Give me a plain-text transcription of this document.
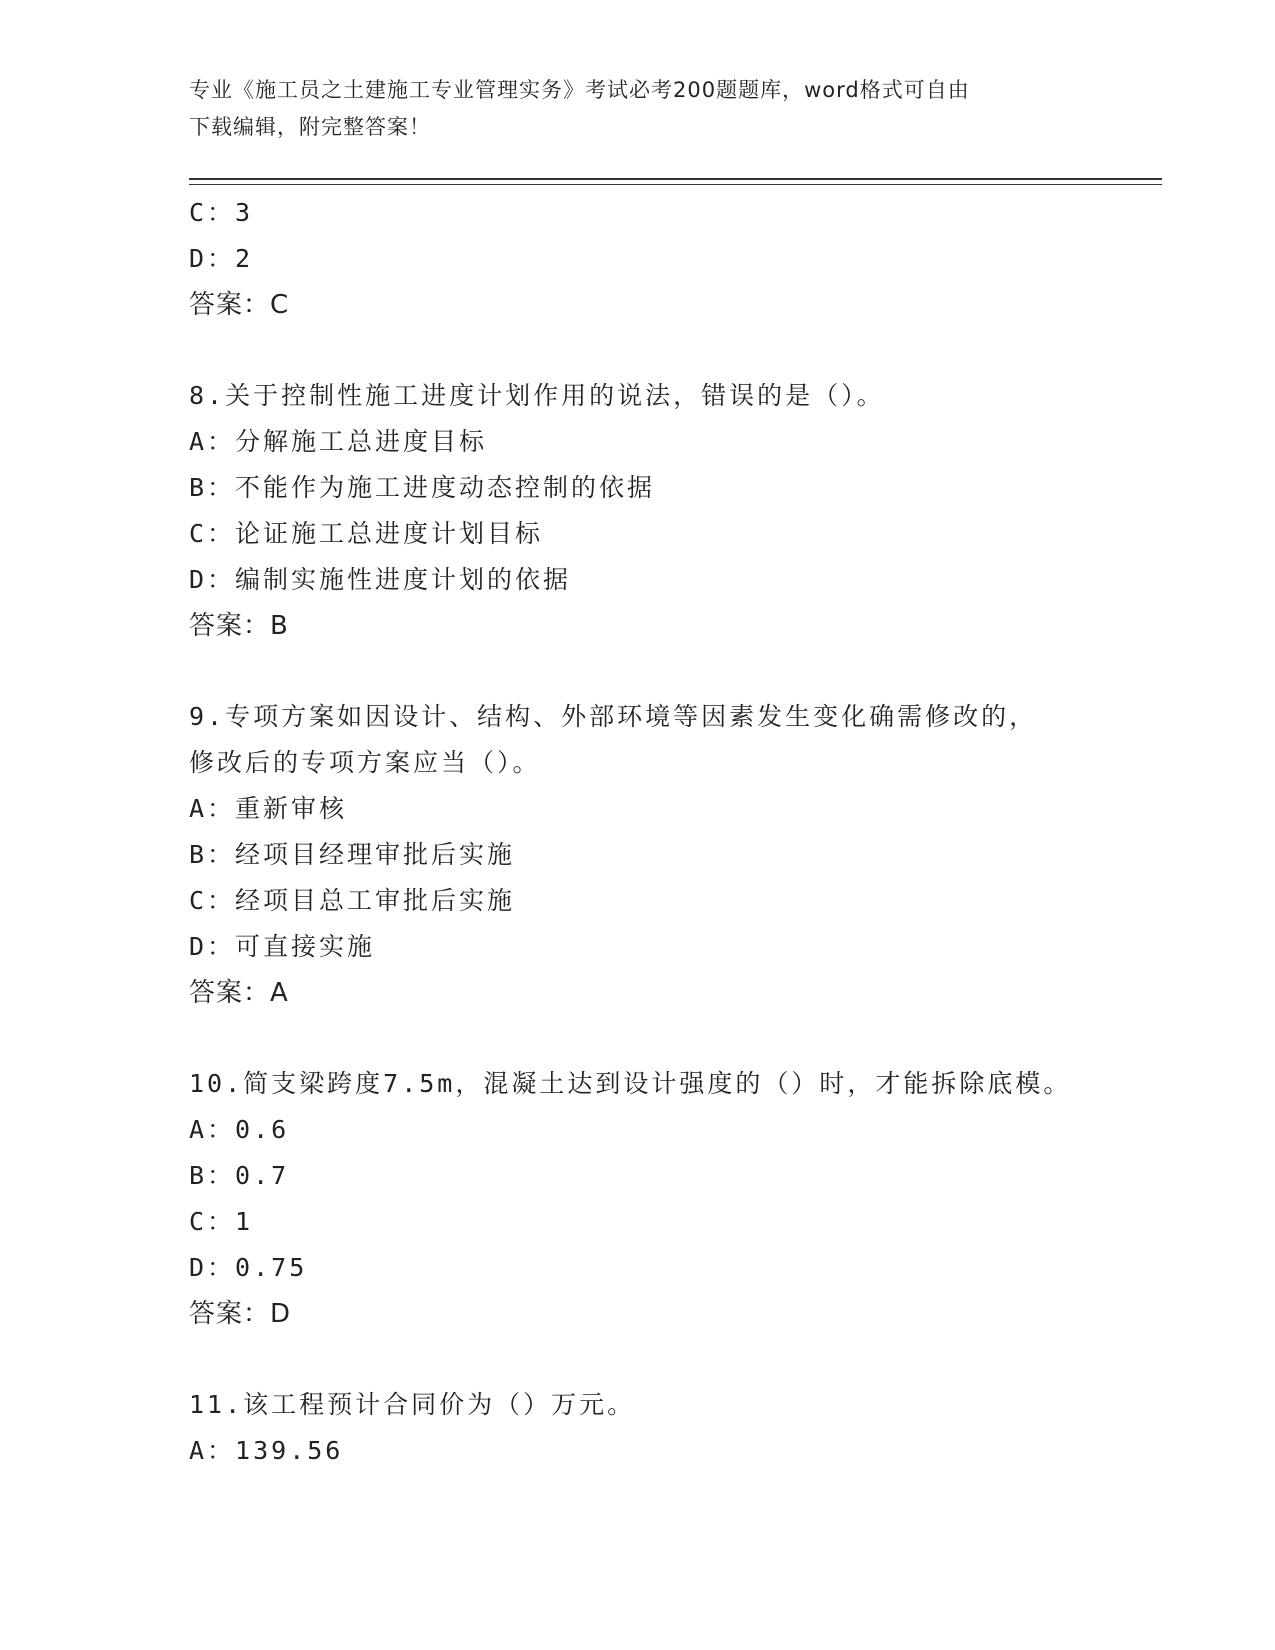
专业《施工员之土建施工专业管理实务》考试必考200题题库，word格式可自由
下载编辑，附完整答案！
C：3
D：2
答案：C
8.关于控制性施工进度计划作用的说法，错误的是（）。
A：分解施工总进度目标
B：不能作为施工进度动态控制的依据
C：论证施工总进度计划目标
D：编制实施性进度计划的依据
答案：B
9.专项方案如因设计、结构、外部环境等因素发生变化确需修改的，
修改后的专项方案应当（）。
A：重新审核
B：经项目经理审批后实施
C：经项目总工审批后实施
D：可直接实施
答案：A
10.简支梁跨度7.5m，混凝土达到设计强度的（）时，才能拆除底模。
A：0.6
B：0.7
C：1
D：0.75
答案：D
11.该工程预计合同价为（）万元。
A：139.56
